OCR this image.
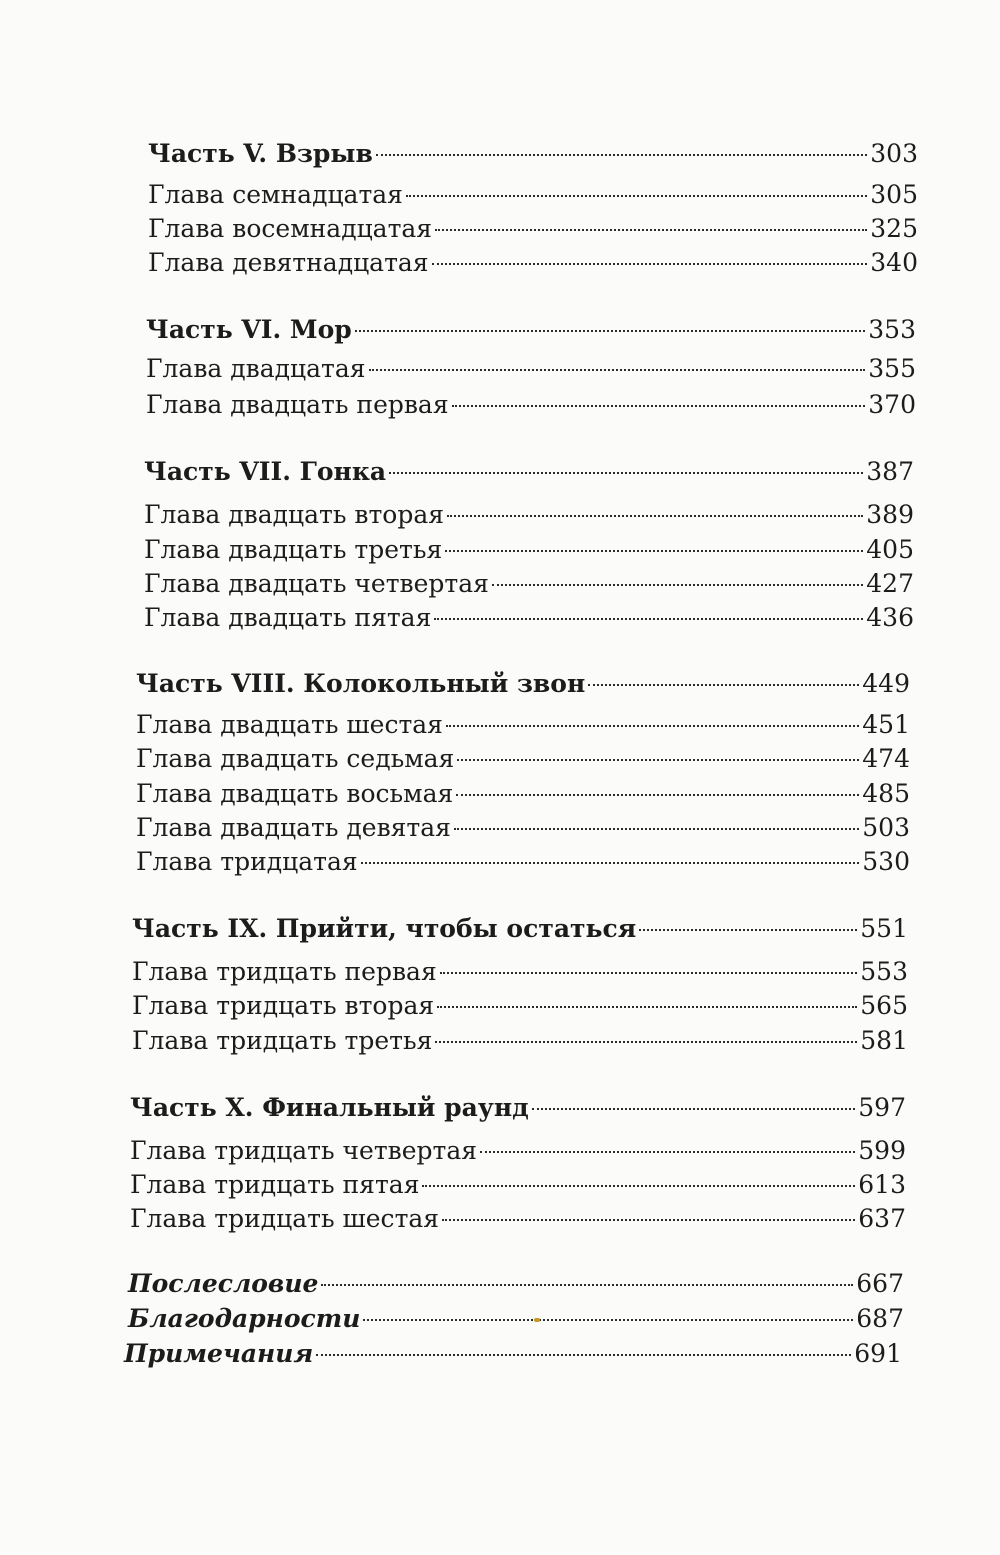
Часть V. Взрыв	303
Глава семнадцатая	305
Глава восемнадцатая	325
Глава девятнадцатая	340
Часть VI. Мор	353
Глава двадцатая	355
Глава двадцать первая	370
Часть VII. Гонка	387
Глава двадцать вторая	389
Глава двадцать третья	405
Глава двадцать четвертая	427
Глава двадцать пятая	436
Часть VIII. Колокольный звон	449
Глава двадцать шестая	451
Глава двадцать седьмая	474
Глава двадцать восьмая	485
Глава двадцать девятая	503
Глава тридцатая	530
Часть IX. Прийти, чтобы остаться	551
Глава тридцать первая	553
Глава тридцать вторая	565
Глава тридцать третья	581
Часть X. Финальный раунд	597
Глава тридцать четвертая	599
Глава тридцать пятая	613
Глава тридцать шестая	637
Послесловие	667
Благодарности	687
Примечания	691
